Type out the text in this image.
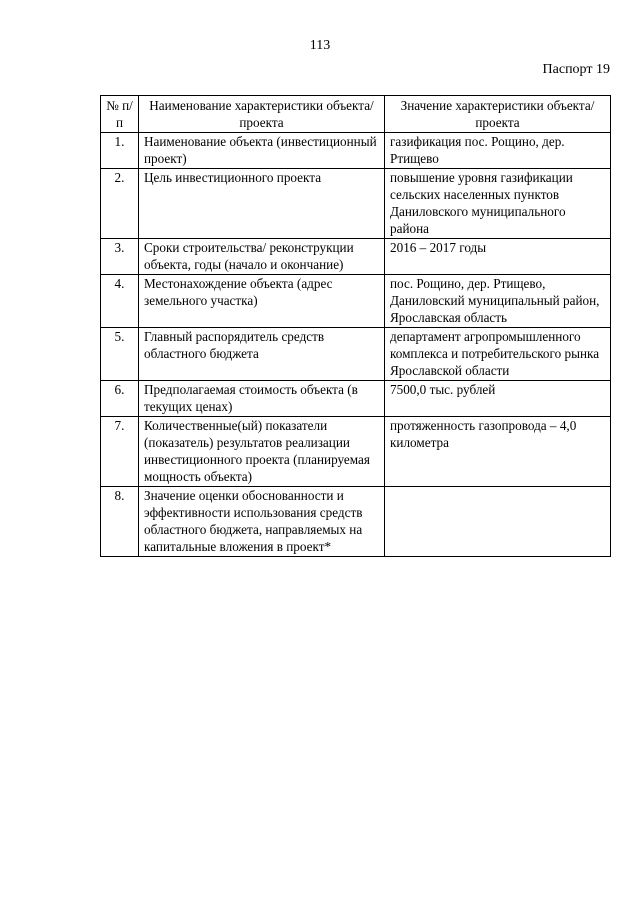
113
Паспорт 19
№ п/п	Наименование характеристики объекта/проекта	Значение характеристики объекта/проекта
1.	Наименование объекта (инвестиционный проект)	газификация пос. Рощино, дер. Ртищево
2.	Цель инвестиционного проекта	повышение уровня газификации сельских населенных пунктов Даниловского муниципального района
3.	Сроки строительства/ реконструкции объекта, годы (начало и окончание)	2016 – 2017 годы
4.	Местонахождение объекта (адрес земельного участка)	пос. Рощино, дер. Ртищево, Даниловский муниципальный район, Ярославская область
5.	Главный распорядитель средств областного бюджета	департамент агропромышленного комплекса и потребительского рынка Ярославской области
6.	Предполагаемая стоимость объекта (в текущих ценах)	7500,0 тыс. рублей
7.	Количественные(ый) показатели (показатель) результатов реализации инвестиционного проекта (планируемая мощность объекта)	протяженность газопровода – 4,0 километра
8.	Значение оценки обоснованности и эффективности использования средств областного бюджета, направляемых на капитальные вложения в проект*	
